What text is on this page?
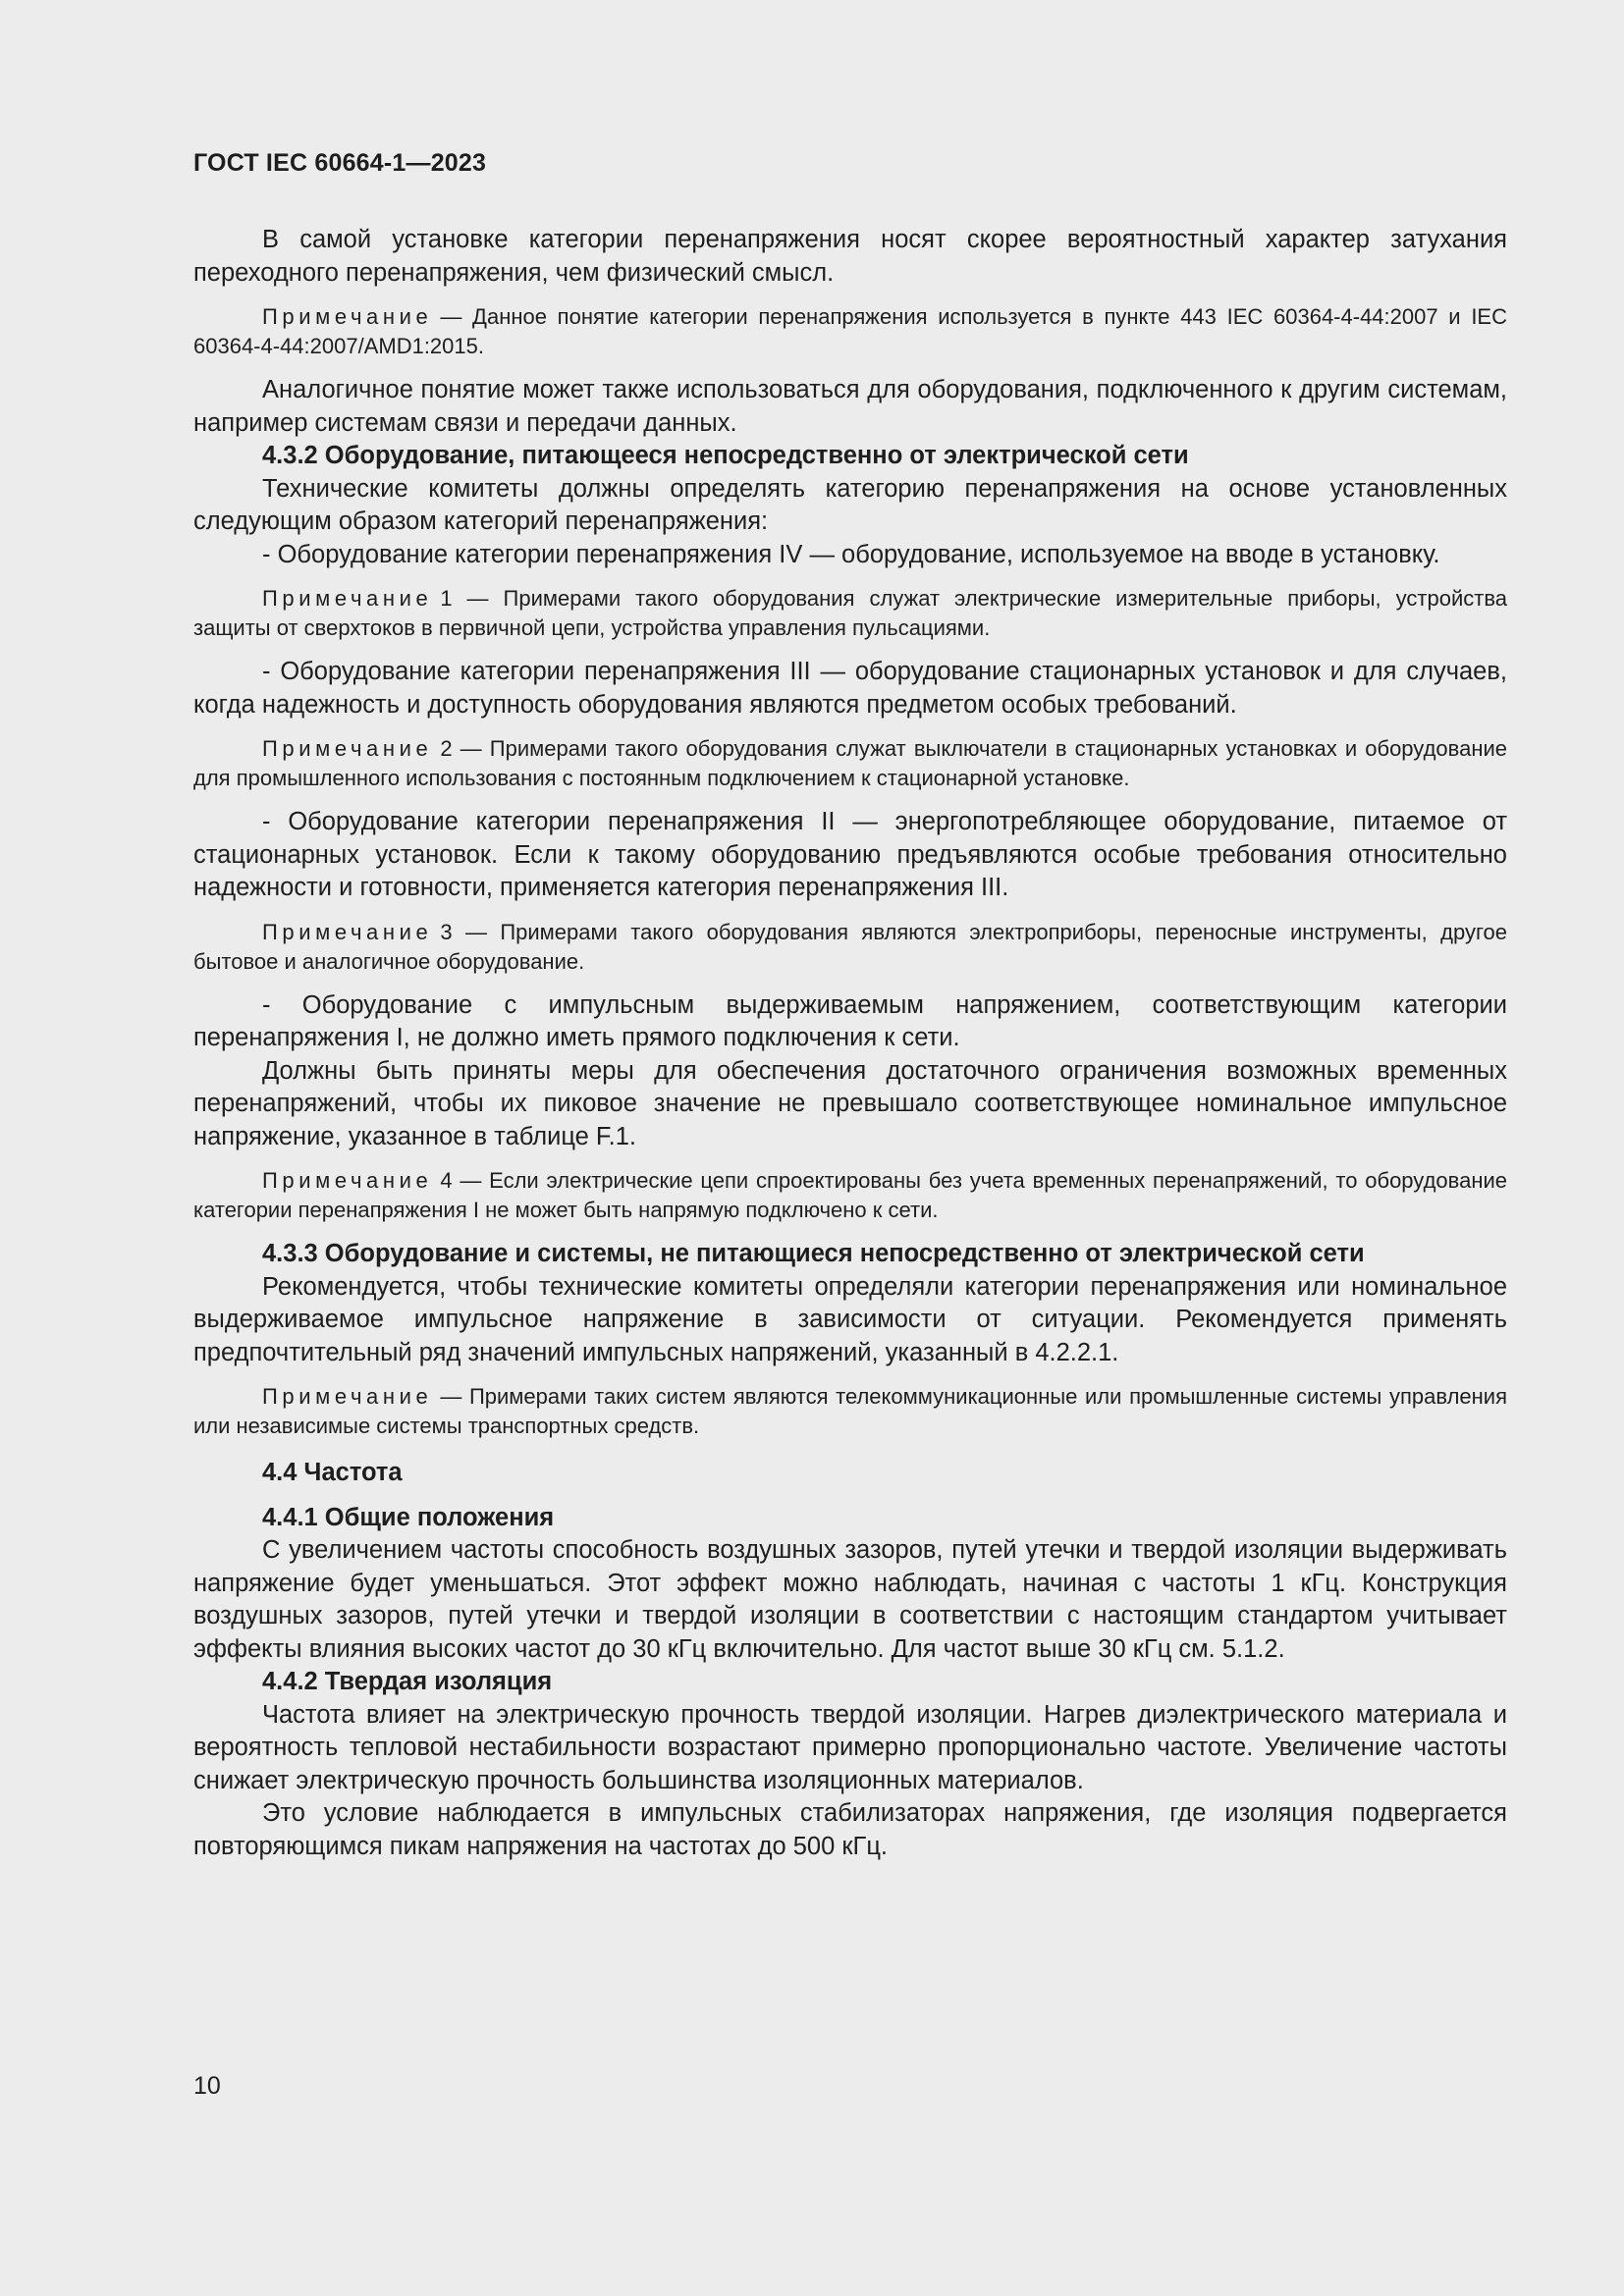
ГОСТ IEC 60664-1—2023

В самой установке категории перенапряжения носят скорее вероятностный характер затухания переходного перенапряжения, чем физический смысл.

Примечание — Данное понятие категории перенапряжения используется в пункте 443 IEC 60364-4-44:2007 и IEC 60364-4-44:2007/AMD1:2015.

Аналогичное понятие может также использоваться для оборудования, подключенного к другим системам, например системам связи и передачи данных.

4.3.2 Оборудование, питающееся непосредственно от электрической сети

Технические комитеты должны определять категорию перенапряжения на основе установленных следующим образом категорий перенапряжения:

- Оборудование категории перенапряжения IV — оборудование, используемое на вводе в установку.

Примечание 1 — Примерами такого оборудования служат электрические измерительные приборы, устройства защиты от сверхтоков в первичной цепи, устройства управления пульсациями.

- Оборудование категории перенапряжения III — оборудование стационарных установок и для случаев, когда надежность и доступность оборудования являются предметом особых требований.

Примечание 2 — Примерами такого оборудования служат выключатели в стационарных установках и оборудование для промышленного использования с постоянным подключением к стационарной установке.

- Оборудование категории перенапряжения II — энергопотребляющее оборудование, питаемое от стационарных установок. Если к такому оборудованию предъявляются особые требования относительно надежности и готовности, применяется категория перенапряжения III.

Примечание 3 — Примерами такого оборудования являются электроприборы, переносные инструменты, другое бытовое и аналогичное оборудование.

- Оборудование с импульсным выдерживаемым напряжением, соответствующим категории перенапряжения I, не должно иметь прямого подключения к сети.

Должны быть приняты меры для обеспечения достаточного ограничения возможных временных перенапряжений, чтобы их пиковое значение не превышало соответствующее номинальное импульсное напряжение, указанное в таблице F.1.

Примечание 4 — Если электрические цепи спроектированы без учета временных перенапряжений, то оборудование категории перенапряжения I не может быть напрямую подключено к сети.

4.3.3 Оборудование и системы, не питающиеся непосредственно от электрической сети

Рекомендуется, чтобы технические комитеты определяли категории перенапряжения или номинальное выдерживаемое импульсное напряжение в зависимости от ситуации. Рекомендуется применять предпочтительный ряд значений импульсных напряжений, указанный в 4.2.2.1.

Примечание — Примерами таких систем являются телекоммуникационные или промышленные системы управления или независимые системы транспортных средств.

4.4 Частота

4.4.1 Общие положения

С увеличением частоты способность воздушных зазоров, путей утечки и твердой изоляции выдерживать напряжение будет уменьшаться. Этот эффект можно наблюдать, начиная с частоты 1 кГц. Конструкция воздушных зазоров, путей утечки и твердой изоляции в соответствии с настоящим стандартом учитывает эффекты влияния высоких частот до 30 кГц включительно. Для частот выше 30 кГц см. 5.1.2.

4.4.2 Твердая изоляция

Частота влияет на электрическую прочность твердой изоляции. Нагрев диэлектрического материала и вероятность тепловой нестабильности возрастают примерно пропорционально частоте. Увеличение частоты снижает электрическую прочность большинства изоляционных материалов.

Это условие наблюдается в импульсных стабилизаторах напряжения, где изоляция подвергается повторяющимся пикам напряжения на частотах до 500 кГц.

10
